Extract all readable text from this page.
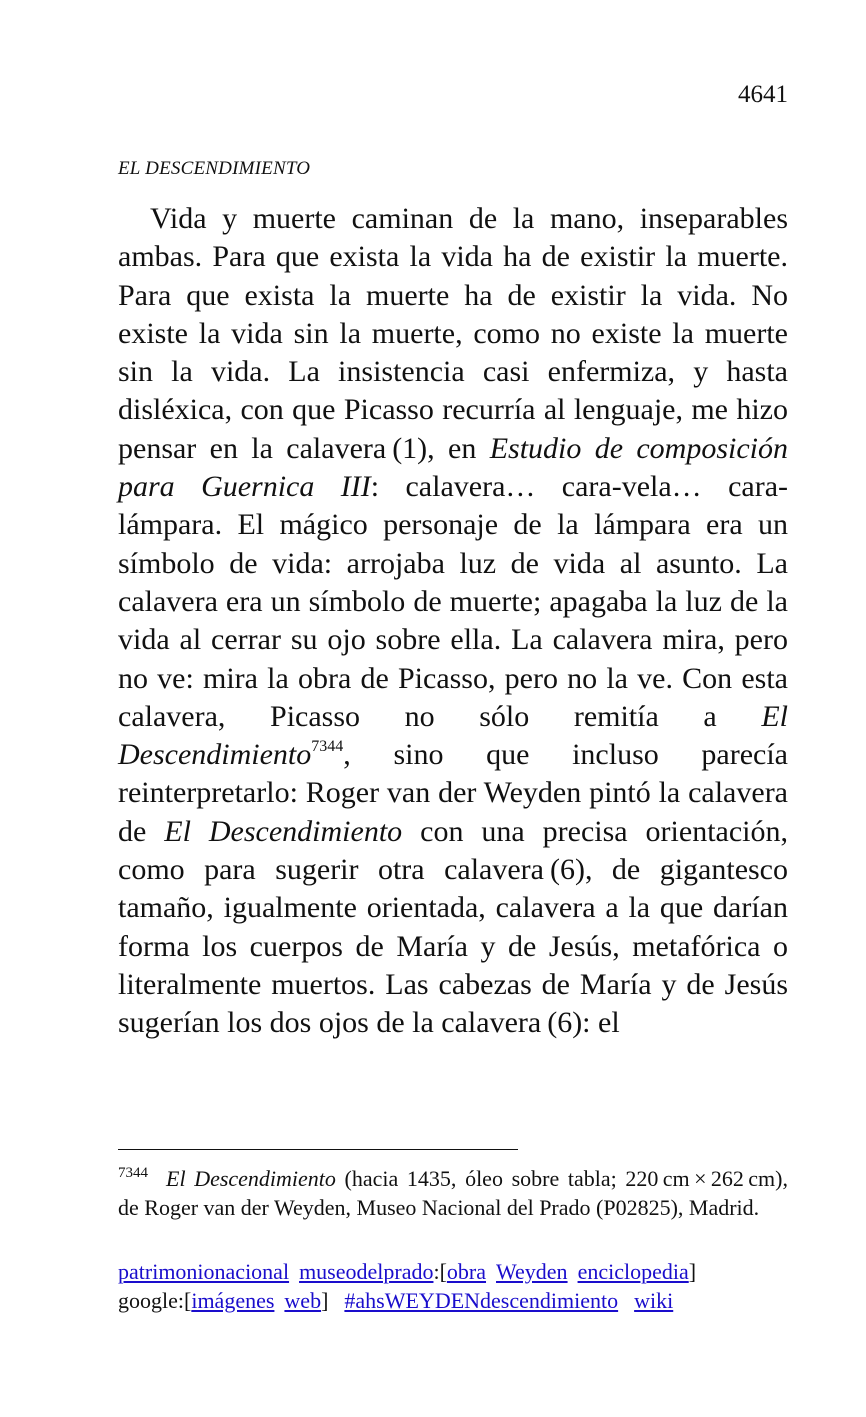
4641
EL DESCENDIMIENTO
Vida y muerte caminan de la mano, inseparables ambas. Para que exista la vida ha de existir la muerte. Para que exista la muerte ha de existir la vida. No existe la vida sin la muerte, como no existe la muerte sin la vida. La insistencia casi enfermiza, y hasta disléxica, con que Picasso recurría al lenguaje, me hizo pensar en la calavera (1), en Estudio de composición para Guernica III: calavera… cara-vela… cara-lámpara. El mágico personaje de la lámpara era un símbolo de vida: arrojaba luz de vida al asunto. La calavera era un símbolo de muerte; apagaba la luz de la vida al cerrar su ojo sobre ella. La calavera mira, pero no ve: mira la obra de Picasso, pero no la ve. Con esta calavera, Picasso no sólo remitía a El Descendimiento$^{7344}$, sino que incluso parecía reinterpretarlo: Roger van der Weyden pintó la calavera de El Descendimiento con una precisa orientación, como para sugerir otra calavera (6), de gigantesco tamaño, igualmente orientada, calavera a la que darían forma los cuerpos de María y de Jesús, metafórica o literalmente muertos. Las cabezas de María y de Jesús sugerían los dos ojos de la calavera (6): el
$^{7344}$ El Descendimiento (hacia 1435, óleo sobre tabla; 220 cm × 262 cm), de Roger van der Weyden, Museo Nacional del Prado (P02825), Madrid.
patrimonionacional museodelprado:[obra Weyden enciclopedia]
google:[imágenes web] #ahsWEYDENdescendimiento wiki
